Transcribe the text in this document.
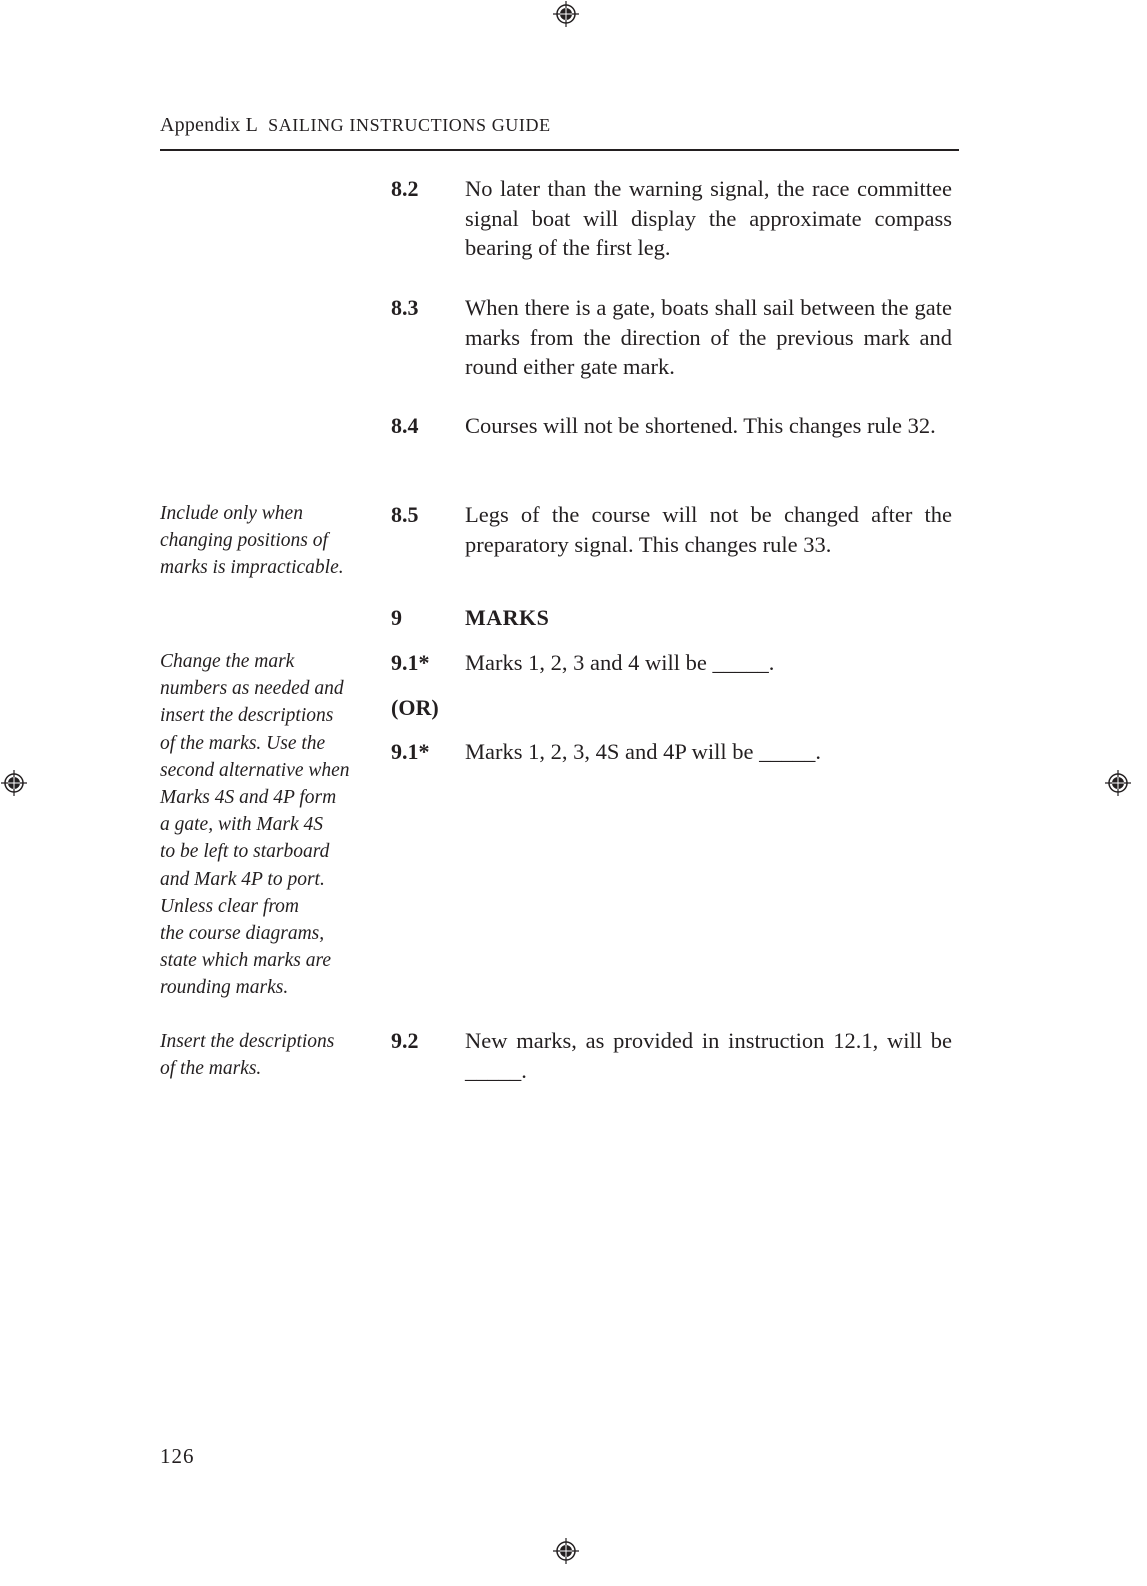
Appendix L SAILING INSTRUCTIONS GUIDE
8.2 No later than the warning signal, the race committee signal boat will display the approximate compass bearing of the first leg.
8.3 When there is a gate, boats shall sail between the gate marks from the direction of the previous mark and round either gate mark.
8.4 Courses will not be shortened. This changes rule 32.
Include only when
changing positions of
marks is impracticable.
8.5 Legs of the course will not be changed after the preparatory signal. This changes rule 33.
9	MARKS
Change the mark
numbers as needed and
insert the descriptions
of the marks. Use the
second alternative when
Marks 4S and 4P form
a gate, with Mark 4S
to be left to starboard
and Mark 4P to port.
Unless clear from
the course diagrams,
state which marks are
rounding marks.
9.1* Marks 1, 2, 3 and 4 will be _____.
(OR)
9.1* Marks 1, 2, 3, 4S and 4P will be _____.
Insert the descriptions
of the marks.
9.2 New marks, as provided in instruction 12.1, will be _____.
126
